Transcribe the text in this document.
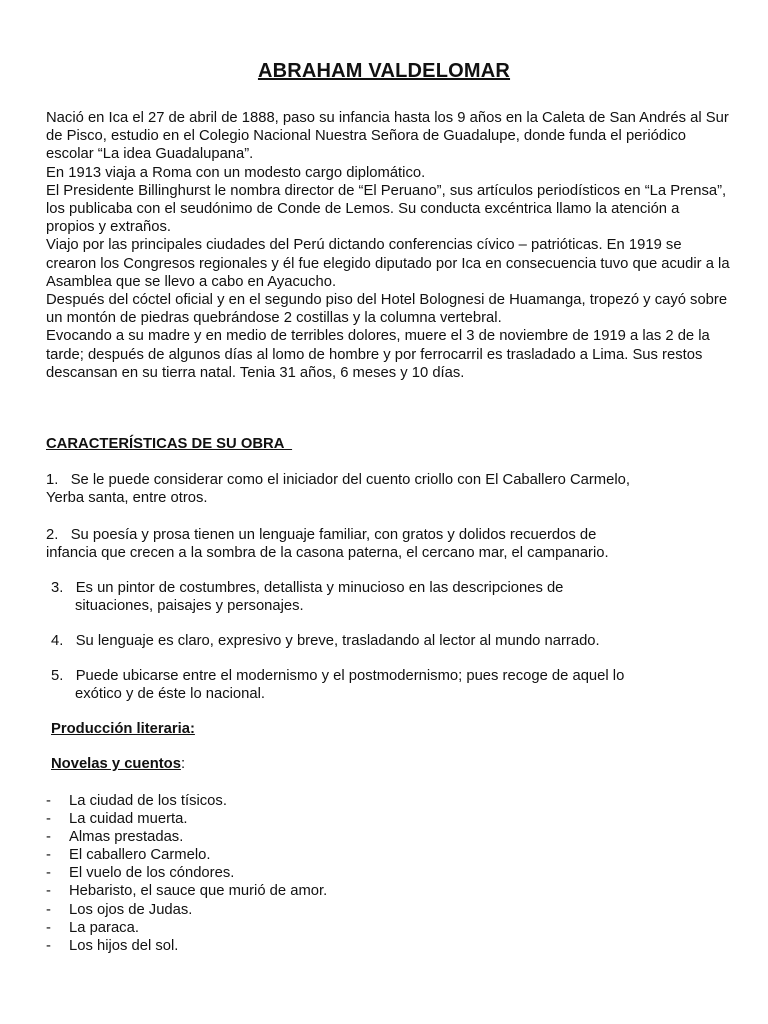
ABRAHAM VALDELOMAR

Nació en Ica el 27 de abril de 1888, paso su infancia hasta los 9 años en la Caleta de San Andrés al Sur de Pisco, estudio en el Colegio Nacional Nuestra Señora de Guadalupe, donde funda el periódico escolar “La idea Guadalupana”.

En 1913 viaja a Roma con un modesto cargo diplomático.

El Presidente Billinghurst le nombra director de “El Peruano”, sus artículos periodísticos en “La Prensa”, los publicaba con el seudónimo de Conde de Lemos. Su conducta excéntrica llamo la atención a propios y extraños.

Viajo por las principales ciudades del Perú dictando conferencias cívico – patrióticas. En 1919 se crearon los Congresos regionales y él fue elegido diputado por Ica en consecuencia tuvo que acudir a la Asamblea que se llevo a cabo en Ayacucho.

Después del cóctel oficial y en el segundo piso del Hotel Bolognesi de Huamanga, tropezó y cayó sobre un montón de piedras quebrándose 2 costillas y la columna vertebral.

Evocando a su madre y en medio de terribles dolores, muere el 3 de noviembre de 1919 a las 2 de la tarde; después de algunos días al lomo de hombre y por ferrocarril es trasladado a Lima. Sus restos descansan en su tierra natal. Tenia 31 años, 6 meses y 10 días.

CARACTERÍSTICAS DE SU OBRA

1. Se le puede considerar como el iniciador del cuento criollo con El Caballero Carmelo,

Yerba santa, entre otros.

2. Su poesía y prosa tienen un lenguaje familiar, con gratos y dolidos recuerdos de

infancia que crecen a la sombra de la casona paterna, el cercano mar, el campanario.

3. Es un pintor de costumbres, detallista y minucioso en las descripciones de

situaciones, paisajes y personajes.

4. Su lenguaje es claro, expresivo y breve, trasladando al lector al mundo narrado.

5. Puede ubicarse entre el modernismo y el postmodernismo; pues recoge de aquel lo

exótico y de éste lo nacional.

Producción literaria:
Novelas y cuentos:
-	La ciudad de los tísicos.
-	La cuidad muerta.
-	Almas prestadas.
-	El caballero Carmelo.
-	El vuelo de los cóndores.
-	Hebaristo, el sauce que murió de amor.
-	Los ojos de Judas.
-	La paraca.
-	Los hijos del sol.
